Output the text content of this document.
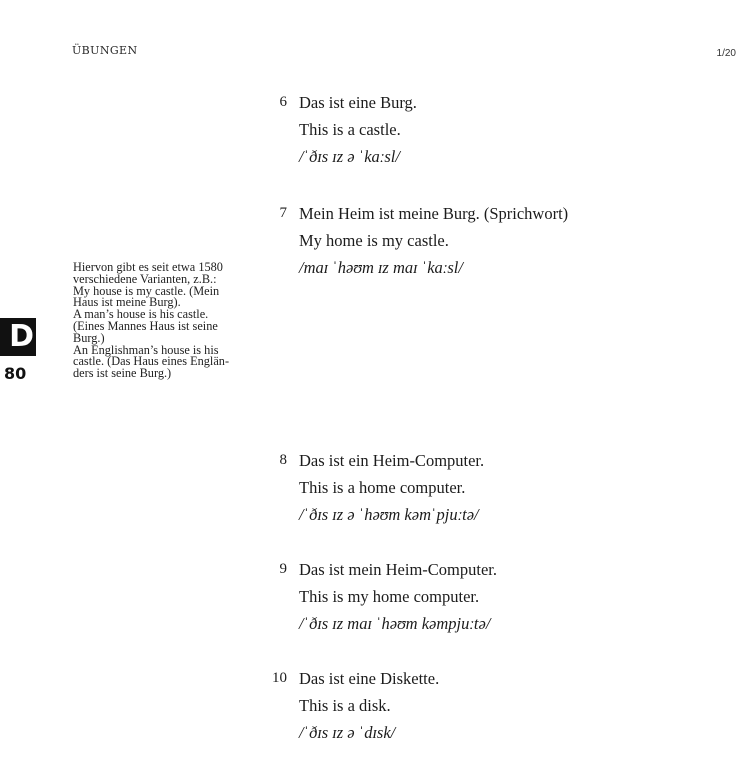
ÜBUNGEN	1/20
Hiervon gibt es seit etwa 1580
verschiedene Varianten, z.B.:
My house is my castle. (Mein
Haus ist meine Burg).
A man’s house is his castle.
(Eines Mannes Haus ist seine
Burg.)
An Englishman’s house is his
castle. (Das Haus eines Englän-
ders ist seine Burg.)
D
80
6 Das ist eine Burg.
This is a castle.
/ˈðɪs ɪz ə ˈkaːsl/
7 Mein Heim ist meine Burg. (Sprichwort)
My home is my castle.
/maɪ ˈhəʊm ɪz maɪ ˈkaːsl/
8 Das ist ein Heim-Computer.
This is a home computer.
/ˈðɪs ɪz ə ˈhəʊm kəmˈpjuːtə/
9 Das ist mein Heim-Computer.
This is my home computer.
/ˈðɪs ɪz maɪ ˈhəʊm kəmpjuːtə/
10 Das ist eine Diskette.
This is a disk.
/ˈðɪs ɪz ə ˈdɪsk/
